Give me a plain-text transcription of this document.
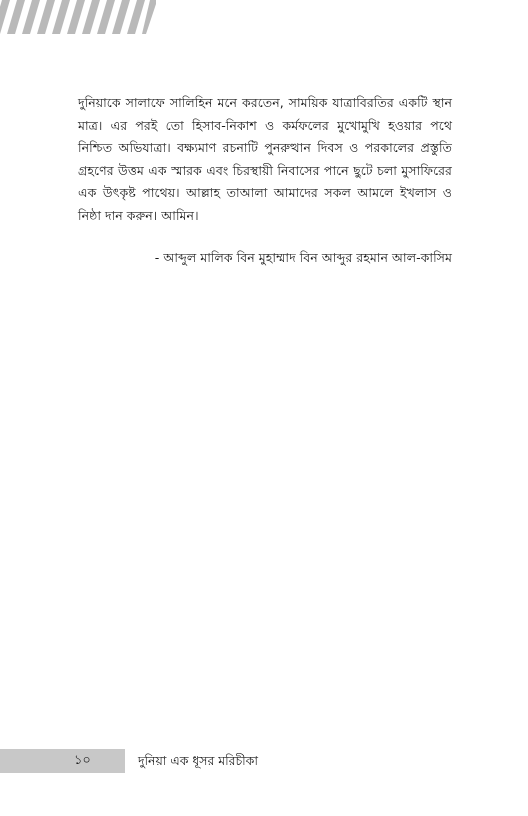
দুনিয়াকে সালাফে সালিহিন মনে করতেন, সাময়িক যাত্রাবিরতির একটি স্থান মাত্র। এর পরই তো হিসাব-নিকাশ ও কর্মফলের মুখোমুখি হওয়ার পথে নিশ্চিত অভিযাত্রা। বক্ষ্যমাণ রচনাটি পুনরুত্থান দিবস ও পরকালের প্রস্তুতি গ্রহণের উত্তম এক স্মারক এবং চিরস্থায়ী নিবাসের পানে ছুটে চলা মুসাফিরের এক উৎকৃষ্ট পাথেয়। আল্লাহ তাআলা আমাদের সকল আমলে ইখলাস ও নিষ্ঠা দান করুন। আমিন।

- আব্দুল মালিক বিন মুহাম্মাদ বিন আব্দুর রহমান আল-কাসিম

১০	দুনিয়া এক ধূসর মরিচীকা
